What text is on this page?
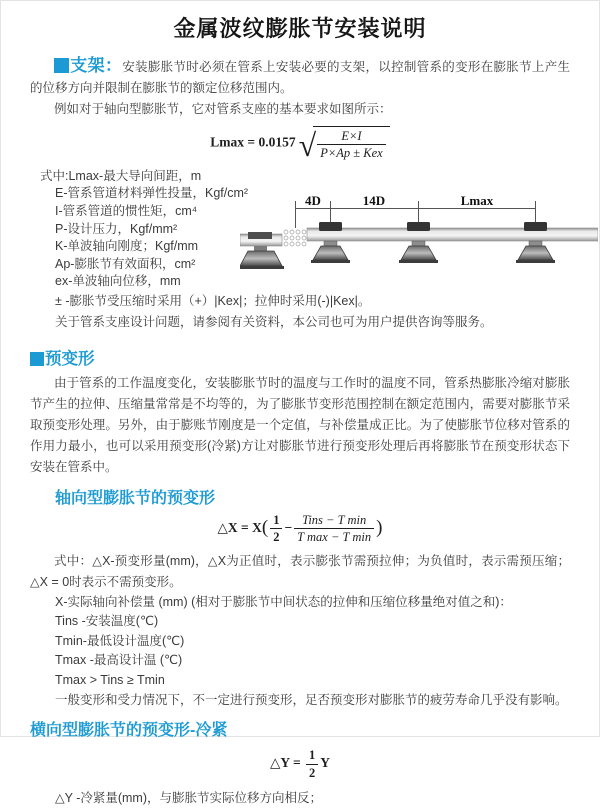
金属波纹膨胀节安装说明

支架：安装膨胀节时必须在管系上安装必要的支架，以控制管系的变形在膨胀节上产生的位移方向并限制在膨胀节的额定位移范围内。

例如对于轴向型膨胀节，它对管系支座的基本要求如图所示：

$Lmax = 0.0157√ \frac{E\times I}{\text{P×Ap ± Kex}}$
式中:Lmax-最大导向间距，m
E-管系管道材料弹性投量，Kgf/cm²
I-管系管道的惯性矩，cm⁴
P-设计压力，Kgf/mm²
K-单波轴向刚度；Kgf/mm
Ap-膨胀节有效面积，cm²
ex-单波轴向位移，mm
± -膨胀节受压缩时采用（+）|Kex|；拉伸时采用(-)|Kex|。
关于管系支座设计问题，请参阅有关资料，本公司也可为用户提供咨询等服务。
4D	14D	Lmax
预变形

由于管系的工作温度变化，安装膨胀节时的温度与工作时的温度不同，管系热膨胀冷缩对膨胀节产生的拉伸、压缩量常常是不均等的，为了膨胀节变形范围控制在额定范围内，需要对膨胀节采取预变形处理。另外，由于膨账节刚度是一个定值，与补偿量成正比。为了使膨胀节位移对管系的作用力最小，也可以采用预变形(冷紧)方让对膨胀节进行预变形处理后再将膨胀节在预变形状态下安装在管系中。

轴向型膨胀节的预变形
△X = $X( \frac{1}{2} - \frac{\text{Tins − T min}}{\text{T max − T min}}$ )

式中：△X-预变形量(mm)，△X为正值时，表示膨张节需预拉伸；为负值时，表示需预压缩；△X = 0时表示不需预变形。

X-实际轴向补偿量 (mm) (相对于膨胀节中间状态的拉伸和压缩位移量绝对值之和)：
Tins -安装温度(℃)
Tmin-最低设计温度(℃)
Tmax -最高设计温 (℃)
Tmax > Tins ≥ Tmin
一般变形和受力情况下，不一定进行预变形，足否预变形对膨胀节的疲劳寿命几乎没有影响。
横向型膨胀节的预变形-冷紧
△Y = $\frac{1}{2}$ Y
△Y -冷紧量(mm)，与膨胀节实际位移方向相反；
